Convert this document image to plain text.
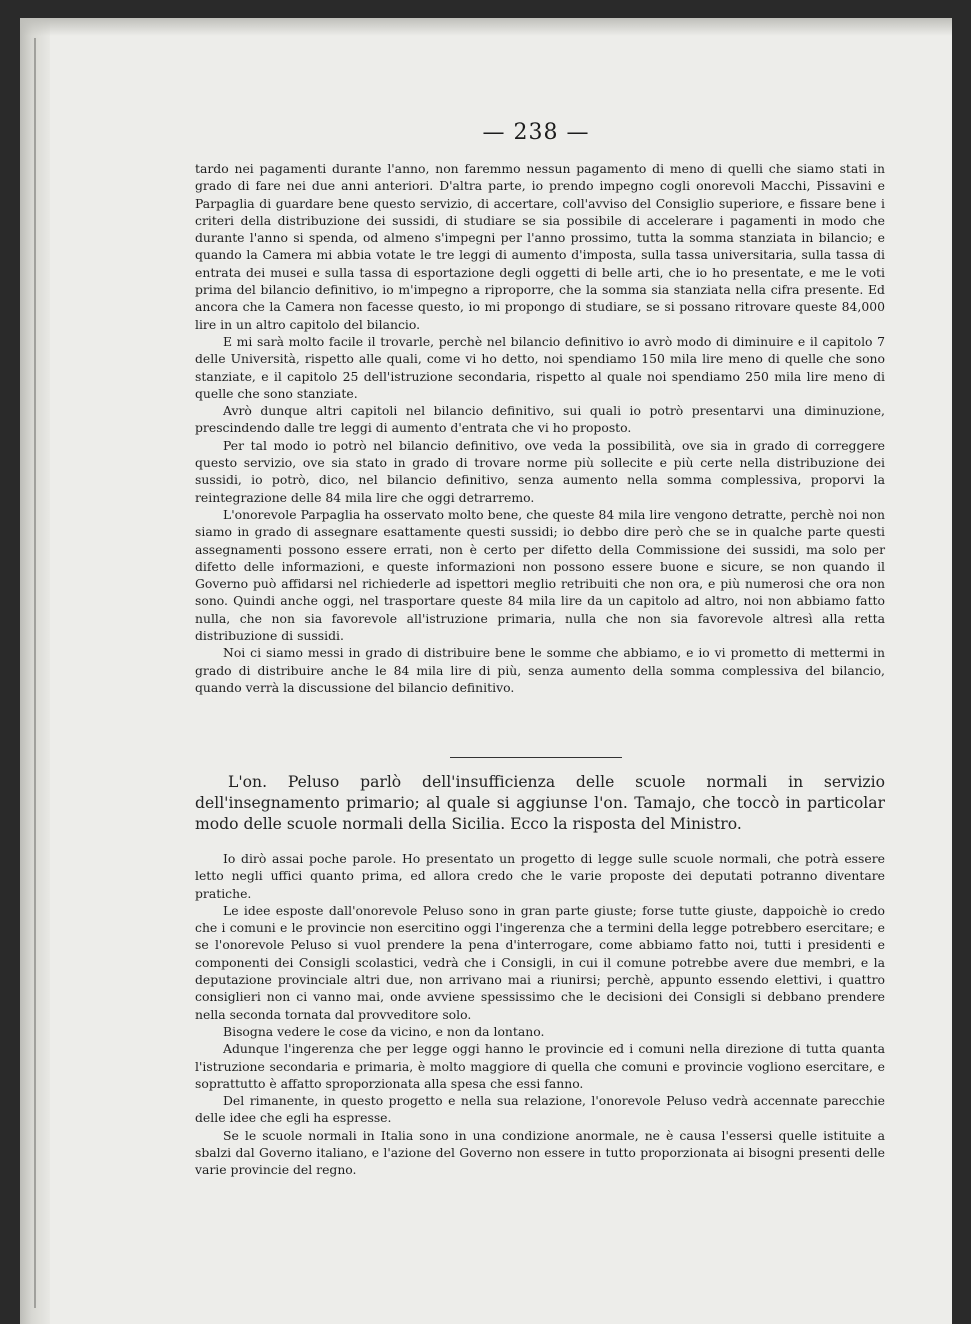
— 238 —

tardo nei pagamenti durante l'anno, non faremmo nessun pagamento di meno di quelli che siamo stati in grado di fare nei due anni anteriori. D'altra parte, io prendo impegno cogli onorevoli Macchi, Pissavini e Parpaglia di guardare bene questo servizio, di accertare, coll'avviso del Consiglio superiore, e fissare bene i criteri della distribuzione dei sussidi, di studiare se sia possibile di accelerare i pagamenti in modo che durante l'anno si spenda, od almeno s'impegni per l'anno prossimo, tutta la somma stanziata in bilancio; e quando la Camera mi abbia votate le tre leggi di aumento d'imposta, sulla tassa universitaria, sulla tassa di entrata dei musei e sulla tassa di esportazione degli oggetti di belle arti, che io ho presentate, e me le voti prima del bilancio definitivo, io m'impegno a riproporre, che la somma sia stanziata nella cifra presente. Ed ancora che la Camera non facesse questo, io mi propongo di studiare, se si possano ritrovare queste 84,000 lire in un altro capitolo del bilancio.

E mi sarà molto facile il trovarle, perchè nel bilancio definitivo io avrò modo di diminuire e il capitolo 7 delle Università, rispetto alle quali, come vi ho detto, noi spendiamo 150 mila lire meno di quelle che sono stanziate, e il capitolo 25 dell'istruzione secondaria, rispetto al quale noi spendiamo 250 mila lire meno di quelle che sono stanziate.

Avrò dunque altri capitoli nel bilancio definitivo, sui quali io potrò presentarvi una diminuzione, prescindendo dalle tre leggi di aumento d'entrata che vi ho proposto.

Per tal modo io potrò nel bilancio definitivo, ove veda la possibilità, ove sia in grado di correggere questo servizio, ove sia stato in grado di trovare norme più sollecite e più certe nella distribuzione dei sussidi, io potrò, dico, nel bilancio definitivo, senza aumento nella somma complessiva, proporvi la reintegrazione delle 84 mila lire che oggi detrarremo.

L'onorevole Parpaglia ha osservato molto bene, che queste 84 mila lire vengono detratte, perchè noi non siamo in grado di assegnare esattamente questi sussidi; io debbo dire però che se in qualche parte questi assegnamenti possono essere errati, non è certo per difetto della Commissione dei sussidi, ma solo per difetto delle informazioni, e queste informazioni non possono essere buone e sicure, se non quando il Governo può affidarsi nel richiederle ad ispettori meglio retribuiti che non ora, e più numerosi che ora non sono. Quindi anche oggi, nel trasportare queste 84 mila lire da un capitolo ad altro, noi non abbiamo fatto nulla, che non sia favorevole all'istruzione primaria, nulla che non sia favorevole altresì alla retta distribuzione di sussidi.

Noi ci siamo messi in grado di distribuire bene le somme che abbiamo, e io vi prometto di mettermi in grado di distribuire anche le 84 mila lire di più, senza aumento della somma complessiva del bilancio, quando verrà la discussione del bilancio definitivo.

L'on. Peluso parlò dell'insufficienza delle scuole normali in servizio dell'insegnamento primario; al quale si aggiunse l'on. Tamajo, che toccò in particolar modo delle scuole normali della Sicilia. Ecco la risposta del Ministro.

Io dirò assai poche parole. Ho presentato un progetto di legge sulle scuole normali, che potrà essere letto negli uffici quanto prima, ed allora credo che le varie proposte dei deputati potranno diventare pratiche.

Le idee esposte dall'onorevole Peluso sono in gran parte giuste; forse tutte giuste, dappoichè io credo che i comuni e le provincie non esercitino oggi l'ingerenza che a termini della legge potrebbero esercitare; e se l'onorevole Peluso si vuol prendere la pena d'interrogare, come abbiamo fatto noi, tutti i presidenti e componenti dei Consigli scolastici, vedrà che i Consigli, in cui il comune potrebbe avere due membri, e la deputazione provinciale altri due, non arrivano mai a riunirsi; perchè, appunto essendo elettivi, i quattro consiglieri non ci vanno mai, onde avviene spessissimo che le decisioni dei Consigli si debbano prendere nella seconda tornata dal provveditore solo.

Bisogna vedere le cose da vicino, e non da lontano.

Adunque l'ingerenza che per legge oggi hanno le provincie ed i comuni nella direzione di tutta quanta l'istruzione secondaria e primaria, è molto maggiore di quella che comuni e provincie vogliono esercitare, e soprattutto è affatto sproporzionata alla spesa che essi fanno.

Del rimanente, in questo progetto e nella sua relazione, l'onorevole Peluso vedrà accennate parecchie delle idee che egli ha espresse.

Se le scuole normali in Italia sono in una condizione anormale, ne è causa l'essersi quelle istituite a sbalzi dal Governo italiano, e l'azione del Governo non essere in tutto proporzionata ai bisogni presenti delle varie provincie del regno.
